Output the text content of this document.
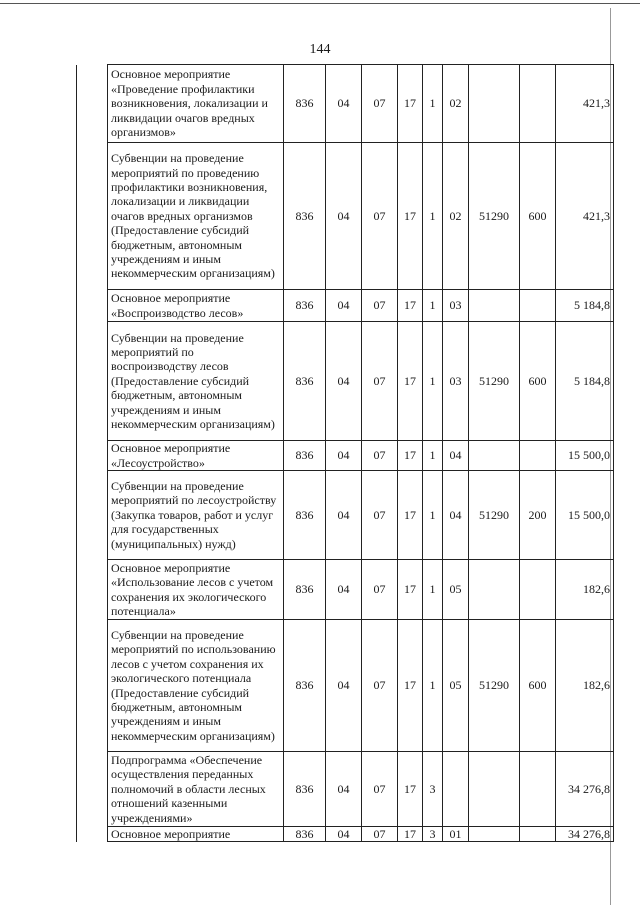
144
	Основное мероприятие «Проведение профилактики возникновения, локализации и ликвидации очагов вредных организмов»	836	04	07	17	1	02			421,3
	Субвенции на проведение мероприятий по проведению профилактики возникновения, локализации и ликвидации очагов вредных организмов (Предоставление субсидий бюджетным, автономным учреждениям и иным некоммерческим организациям)	836	04	07	17	1	02	51290	600	421,3
	Основное мероприятие «Воспроизводство лесов»	836	04	07	17	1	03			5 184,8
	Субвенции на проведение мероприятий по воспроизводству лесов (Предоставление субсидий бюджетным, автономным учреждениям и иным некоммерческим организациям)	836	04	07	17	1	03	51290	600	5 184,8
	Основное мероприятие «Лесоустройство»	836	04	07	17	1	04			15 500,0
	Субвенции на проведение мероприятий по лесоустройству (Закупка товаров, работ и услуг для государственных (муниципальных) нужд)	836	04	07	17	1	04	51290	200	15 500,0
	Основное мероприятие «Использование лесов с учетом сохранения их экологического потенциала»	836	04	07	17	1	05			182,6
	Субвенции на проведение мероприятий по использованию лесов с учетом сохранения их экологического потенциала (Предоставление субсидий бюджетным, автономным учреждениям и иным некоммерческим организациям)	836	04	07	17	1	05	51290	600	182,6
	Подпрограмма «Обеспечение осуществления переданных полномочий в области лесных отношений казенными учреждениями»	836	04	07	17	3				34 276,8
	Основное мероприятие	836	04	07	17	3	01			34 276,8
